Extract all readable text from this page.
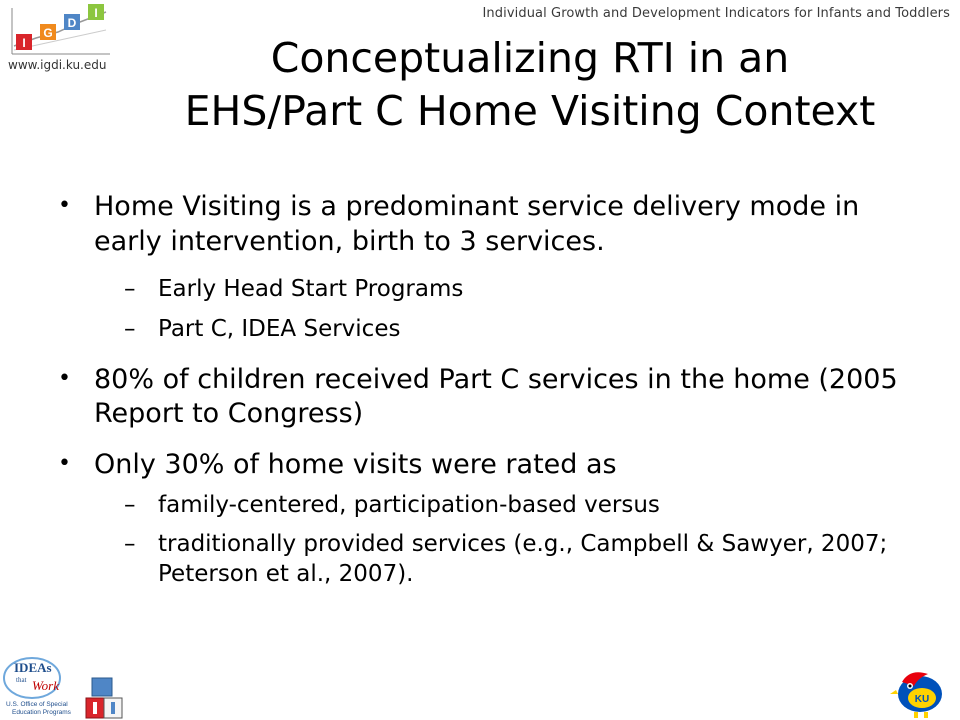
Individual Growth and Development Indicators for Infants and Toddlers
I
G
D
I
www.igdi.ku.edu	Conceptualizing RTI in an
EHS/Part C Home Visiting Context
• Home Visiting is a predominant service delivery mode in early intervention, birth to 3 services.
– Early Head Start Programs
– Part C, IDEA Services
• 80% of children received Part C services in the home (2005 Report to Congress)
• Only 30% of home visits were rated as
– family-centered, participation-based versus
– traditionally provided services (e.g., Campbell & Sawyer, 2007; Peterson et al., 2007).
IDEAs
that Work
U.S. Office of Special
Education Programs
KU
